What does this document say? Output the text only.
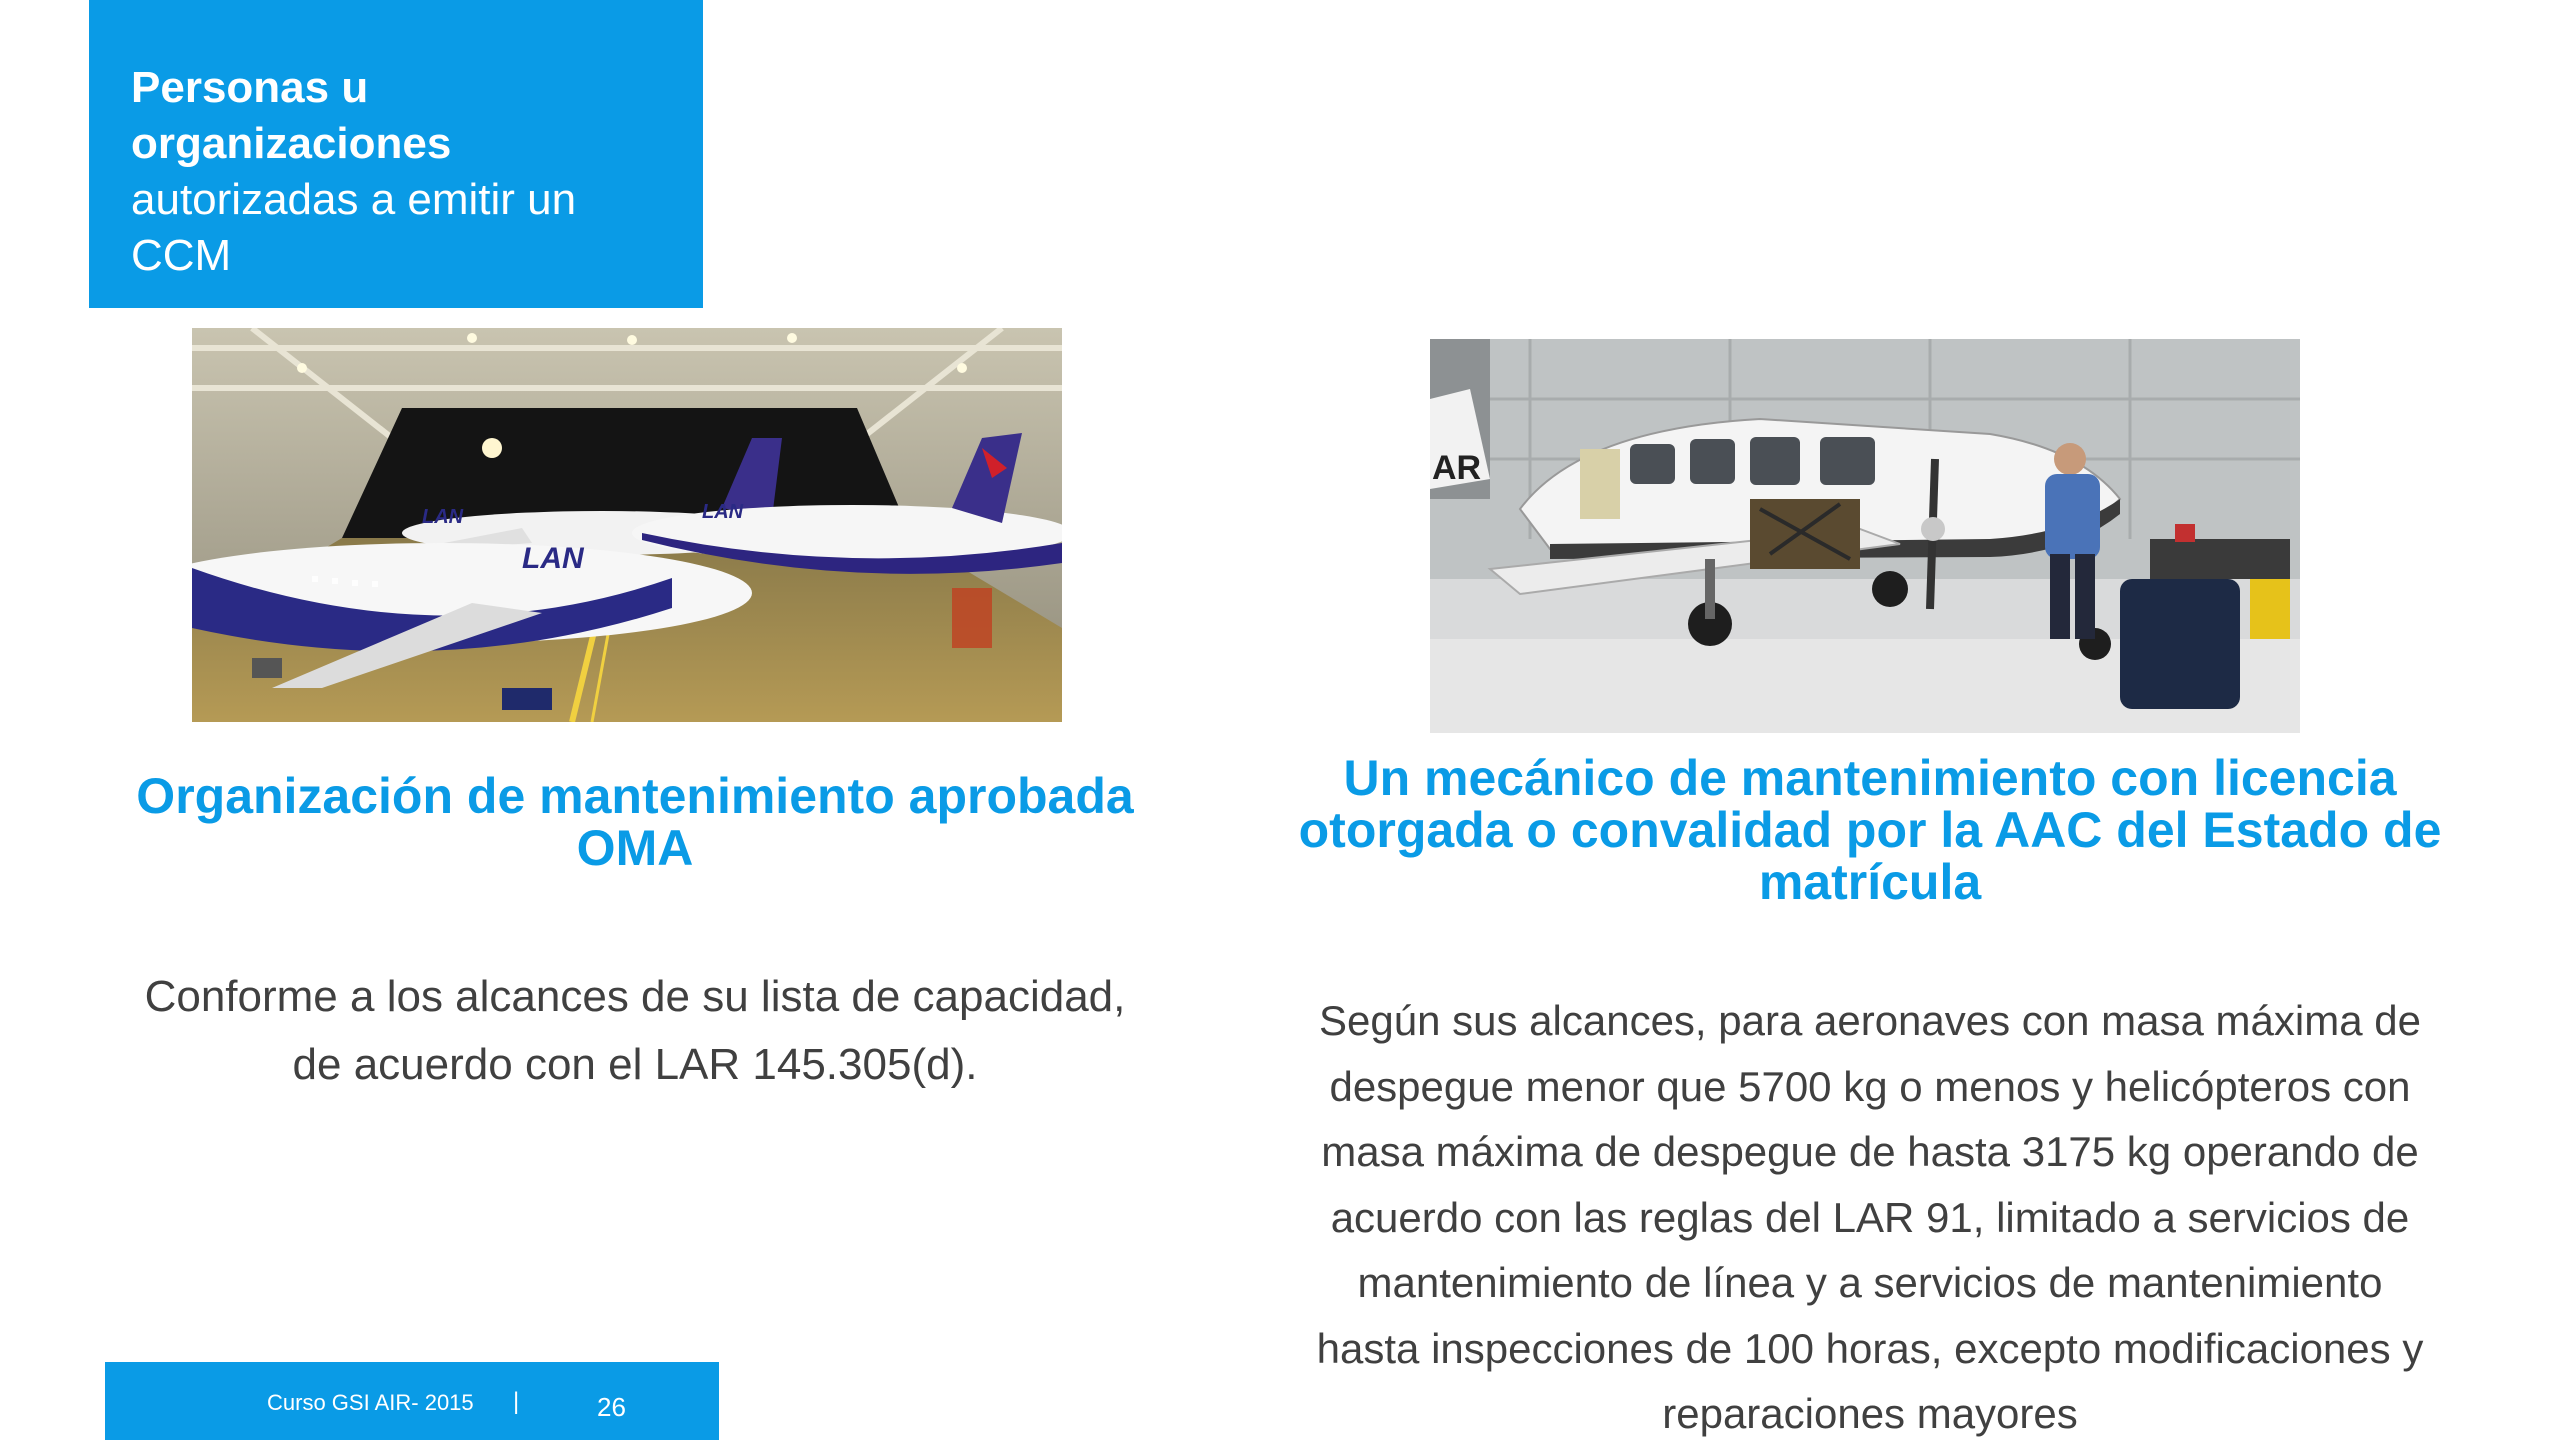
Personas u
organizaciones
autorizadas a emitir un
CCM
LAN
LAN	LAN
AR
Organización de mantenimiento aprobada
OMA
Un mecánico de mantenimiento con licencia
otorgada o convalidad por la AAC del Estado de
matrícula
Conforme a los alcances de su lista de capacidad,
de acuerdo con el LAR 145.305(d).
Según sus alcances, para aeronaves con masa máxima de
despegue menor que 5700 kg o menos y helicópteros con
masa máxima de despegue de hasta 3175 kg operando de
acuerdo con las reglas del LAR 91, limitado a servicios de
mantenimiento de línea y a servicios de mantenimiento
hasta inspecciones de 100 horas, excepto modificaciones y
reparaciones mayores
Curso GSI AIR- 2015 |	26
